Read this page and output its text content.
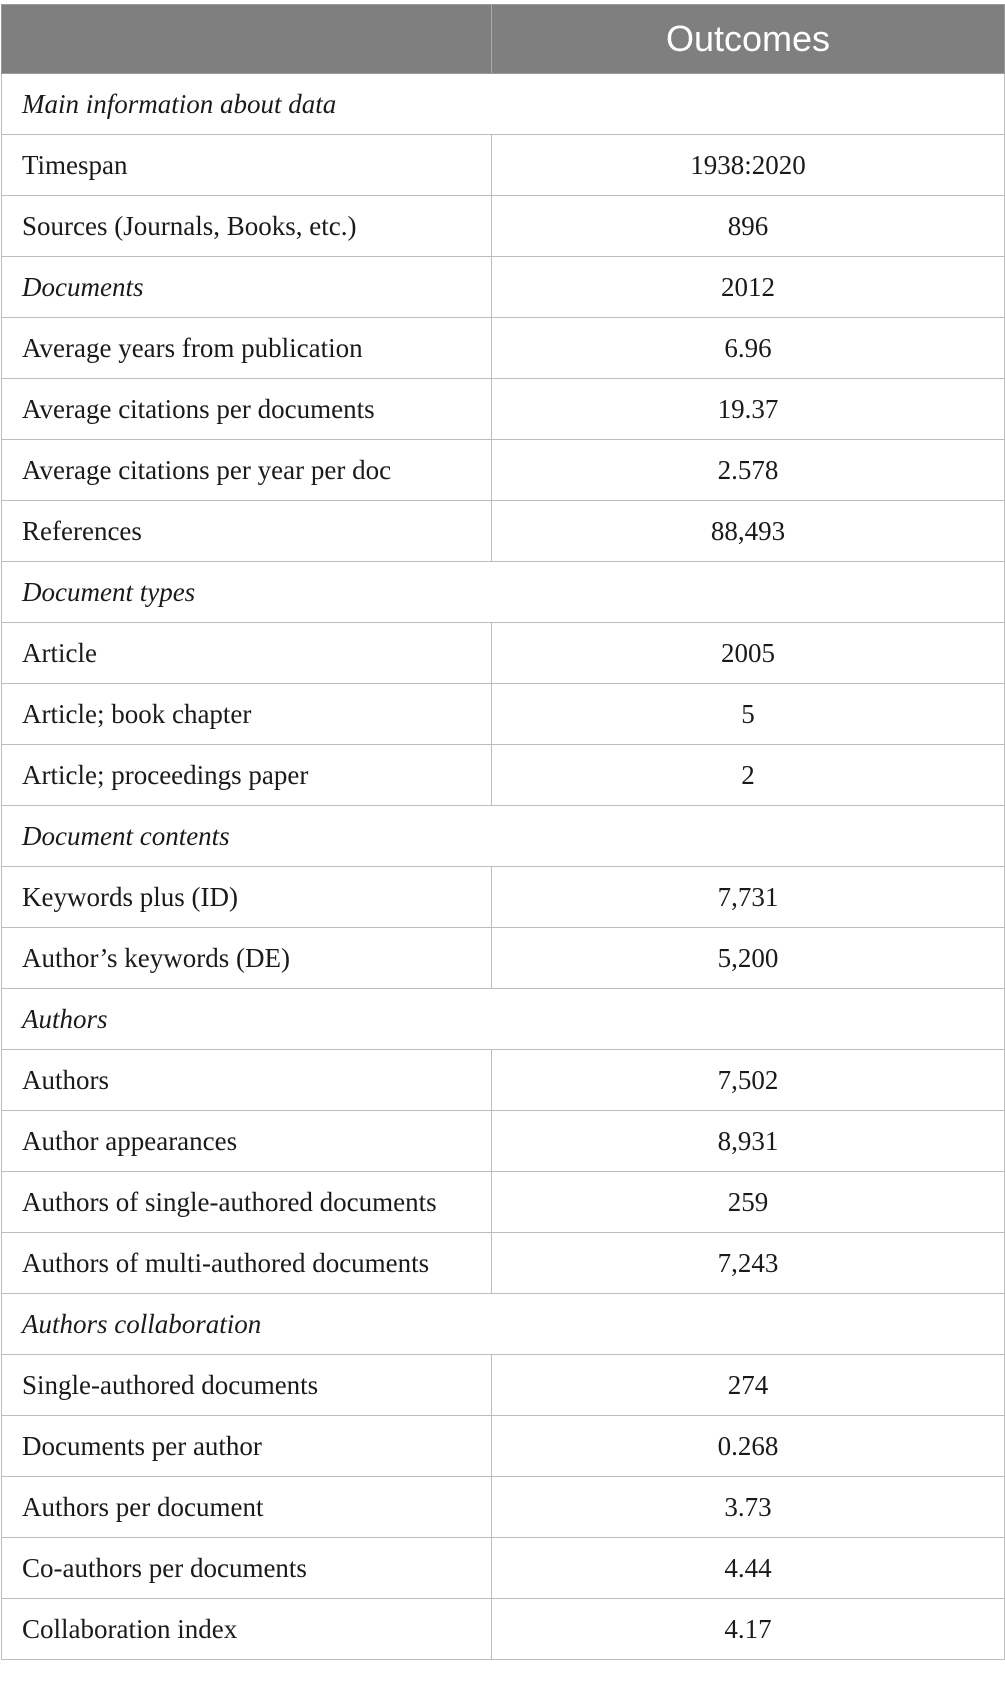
	Outcomes
Main information about data	
Timespan	1938:2020
Sources (Journals, Books, etc.)	896
Documents	2012
Average years from publication	6.96
Average citations per documents	19.37
Average citations per year per doc	2.578
References	88,493
Document types	
Article	2005
Article; book chapter	5
Article; proceedings paper	2
Document contents	
Keywords plus (ID)	7,731
Author’s keywords (DE)	5,200
Authors	
Authors	7,502
Author appearances	8,931
Authors of single-authored documents	259
Authors of multi-authored documents	7,243
Authors collaboration	
Single-authored documents	274
Documents per author	0.268
Authors per document	3.73
Co-authors per documents	4.44
Collaboration index	4.17
